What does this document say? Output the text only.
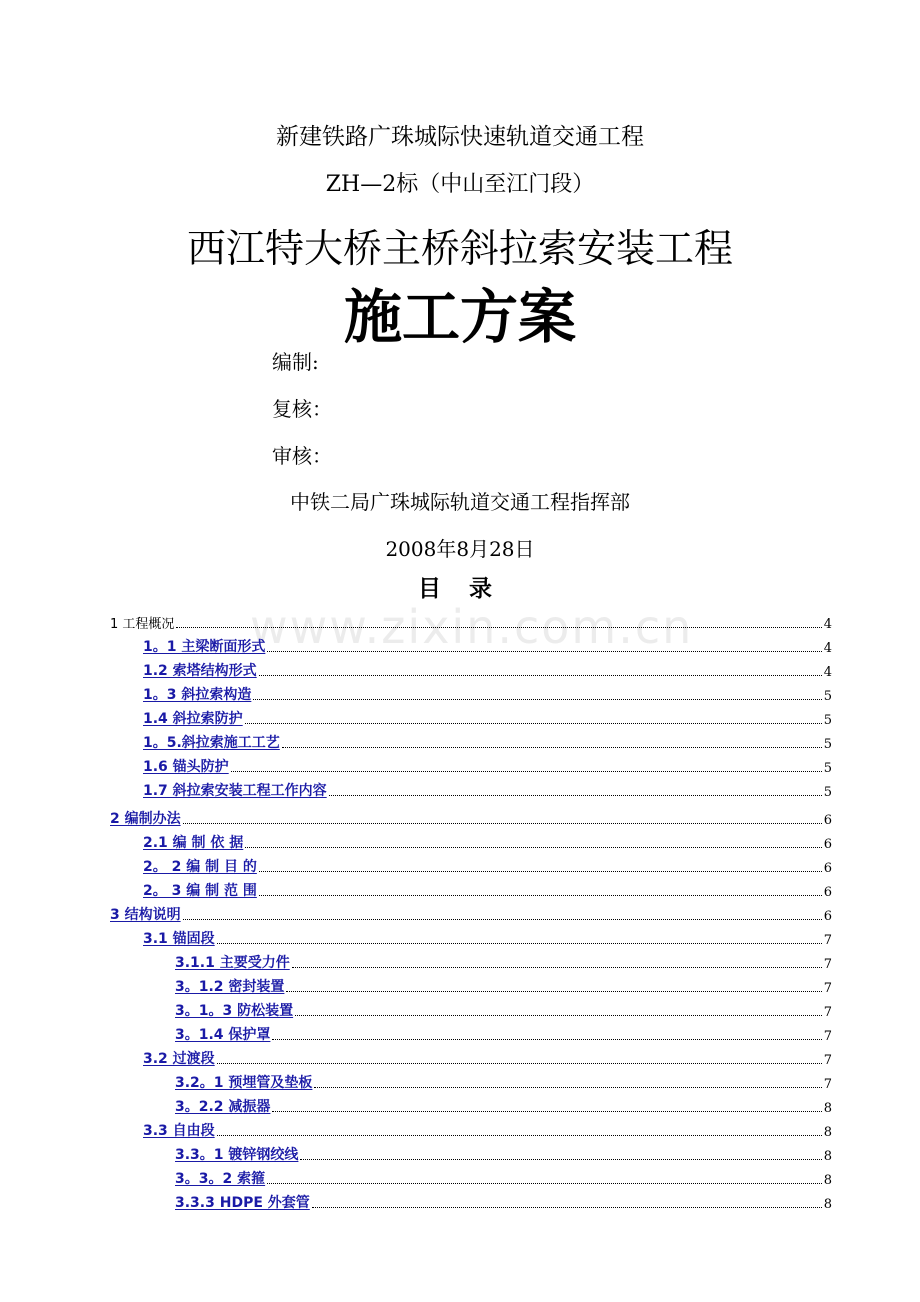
www.zixin.com.cn
新建铁路广珠城际快速轨道交通工程
ZH—2标（中山至江门段）
西江特大桥主桥斜拉索安装工程
施工方案
编制:
复核：
审核：
中铁二局广珠城际轨道交通工程指挥部
2008年8月28日
目 录
1 工程概况	4
1。1 主梁断面形式	4
1.2 索塔结构形式	4
1。3 斜拉索构造	5
1.4 斜拉索防护	5
1。5.斜拉索施工工艺	5
1.6 锚头防护	5
1.7 斜拉索安装工程工作内容	5
2 编制办法	6
2.1 编 制 依 据	6
2。 2 编 制 目 的	6
2。 3 编 制 范 围	6
3 结构说明	6
3.1 锚固段	7
3.1.1 主要受力件	7
3。1.2 密封装置	7
3。1。3 防松装置	7
3。1.4 保护罩	7
3.2 过渡段	7
3.2。1 预埋管及垫板	7
3。2.2 减振器	8
3.3 自由段	8
3.3。1 镀锌钢绞线	8
3。3。2 索箍	8
3.3.3 HDPE 外套管	8
